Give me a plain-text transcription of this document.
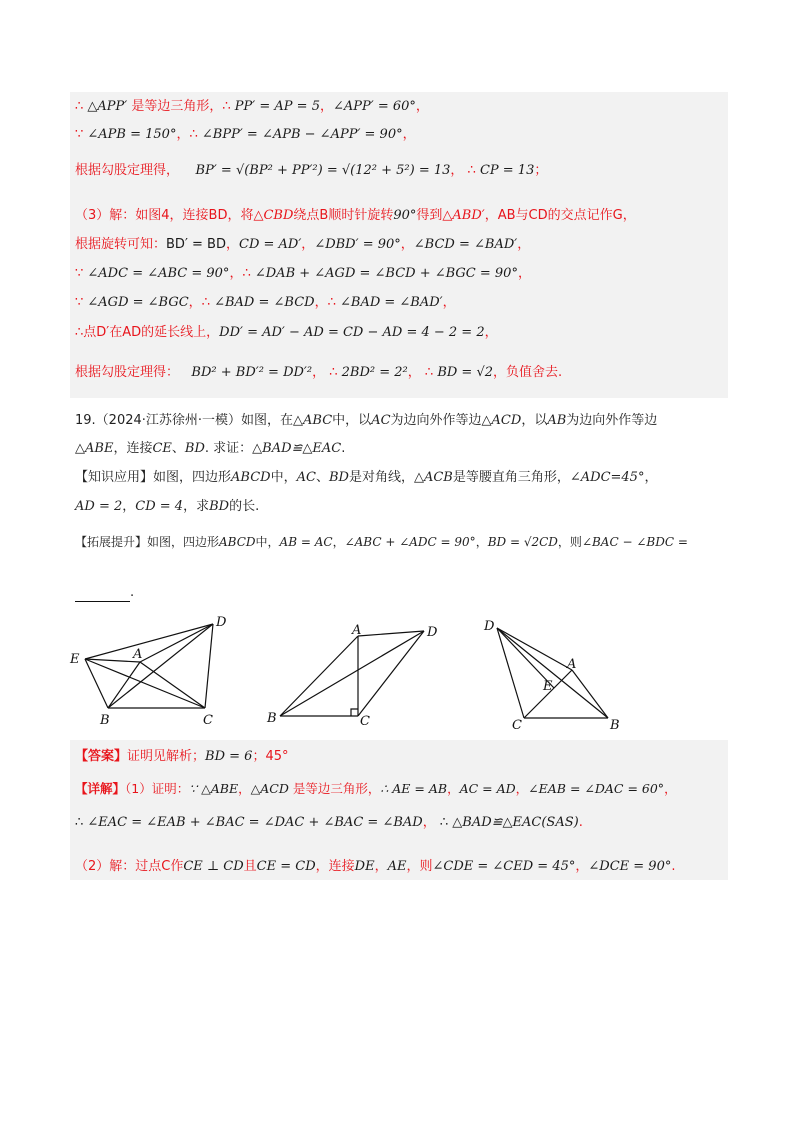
∴ △APP′ 是等边三角形，∴ PP′ = AP = 5，∠APP′ = 60°，
∵ ∠APB = 150°，∴ ∠BPP′ = ∠APB − ∠APP′ = 90°，
根据勾股定理得， BP′ = √(BP² + PP′²) = √(12² + 5²) = 13， ∴ CP = 13；
（3）解：如图4，连接BD，将△CBD绕点B顺时针旋转90°得到△ABD′，AB与CD的交点记作G，
根据旋转可知：BD′ = BD，CD = AD′，∠DBD′ = 90°，∠BCD = ∠BAD′，
∵ ∠ADC = ∠ABC = 90°，∴ ∠DAB + ∠AGD = ∠BCD + ∠BGC = 90°，
∵ ∠AGD = ∠BGC，∴ ∠BAD = ∠BCD，∴ ∠BAD = ∠BAD′，
∴点D′在AD的延长线上，DD′ = AD′ − AD = CD − AD = 4 − 2 = 2，
根据勾股定理得： BD² + BD′² = DD′²， ∴ 2BD² = 2²， ∴ BD = √2，负值舍去.
19.（2024·江苏徐州·一模）如图，在△ABC中，以AC为边向外作等边△ACD，以AB为边向外作等边
△ABE，连接CE、BD. 求证：△BAD≌△EAC.
【知识应用】如图，四边形ABCD中，AC、BD是对角线，△ACB是等腰直角三角形，∠ADC=45°，
AD = 2，CD = 4，求BD的长.
【拓展提升】如图，四边形ABCD中，AB = AC，∠ABC + ∠ADC = 90°，BD = √2CD，则∠BAC − ∠BDC =
.
E	A
D
B	C
A	D
B	C
D
A
E
C	B
【答案】证明见解析；BD = 6；45°
【详解】（1）证明：∵ △ABE，△ACD 是等边三角形，∴ AE = AB，AC = AD，∠EAB = ∠DAC = 60°，
∴ ∠EAC = ∠EAB + ∠BAC = ∠DAC + ∠BAC = ∠BAD， ∴ △BAD≌△EAC(SAS).
（2）解：过点C作CE ⊥ CD且CE = CD，连接DE，AE，则∠CDE = ∠CED = 45°，∠DCE = 90°.
